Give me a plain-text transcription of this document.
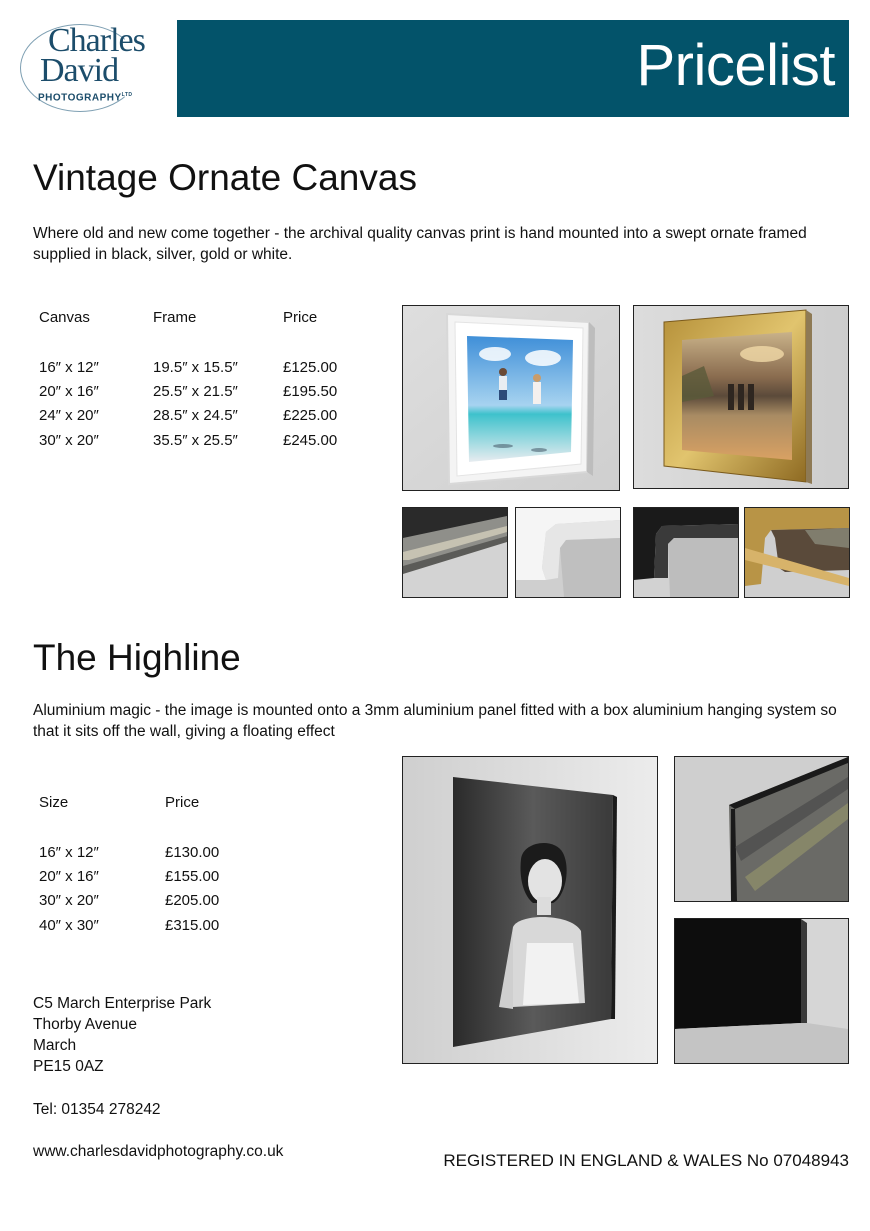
Charles
David
$PHOTOGRAPHY^{LTD}$	Pricelist
Vintage Ornate Canvas
Where old and new come together - the archival quality canvas print is hand mounted into a swept ornate framed supplied in black, silver, gold or white.
Canvas	Frame	Price
16″ x 12″	19.5″ x 15.5″	£125.00
20″ x 16″	25.5″ x 21.5″	£195.50
24″ x 20″	28.5″ x 24.5″	£225.00
30″ x 20″	35.5″ x 25.5″	£245.00
The Highline
Aluminium magic - the image is mounted onto a 3mm aluminium panel fitted with a box aluminium hanging system so that it sits off the wall, giving a floating effect
Size	Price
16″ x 12″	£130.00
20″ x 16″	£155.00
30″ x 20″	£205.00
40″ x 30″	£315.00
C5 March Enterprise Park
Thorby Avenue
March
PE15 0AZ
Tel: 01354 278242
www.charlesdavidphotography.co.uk	REGISTERED IN ENGLAND & WALES No 07048943
